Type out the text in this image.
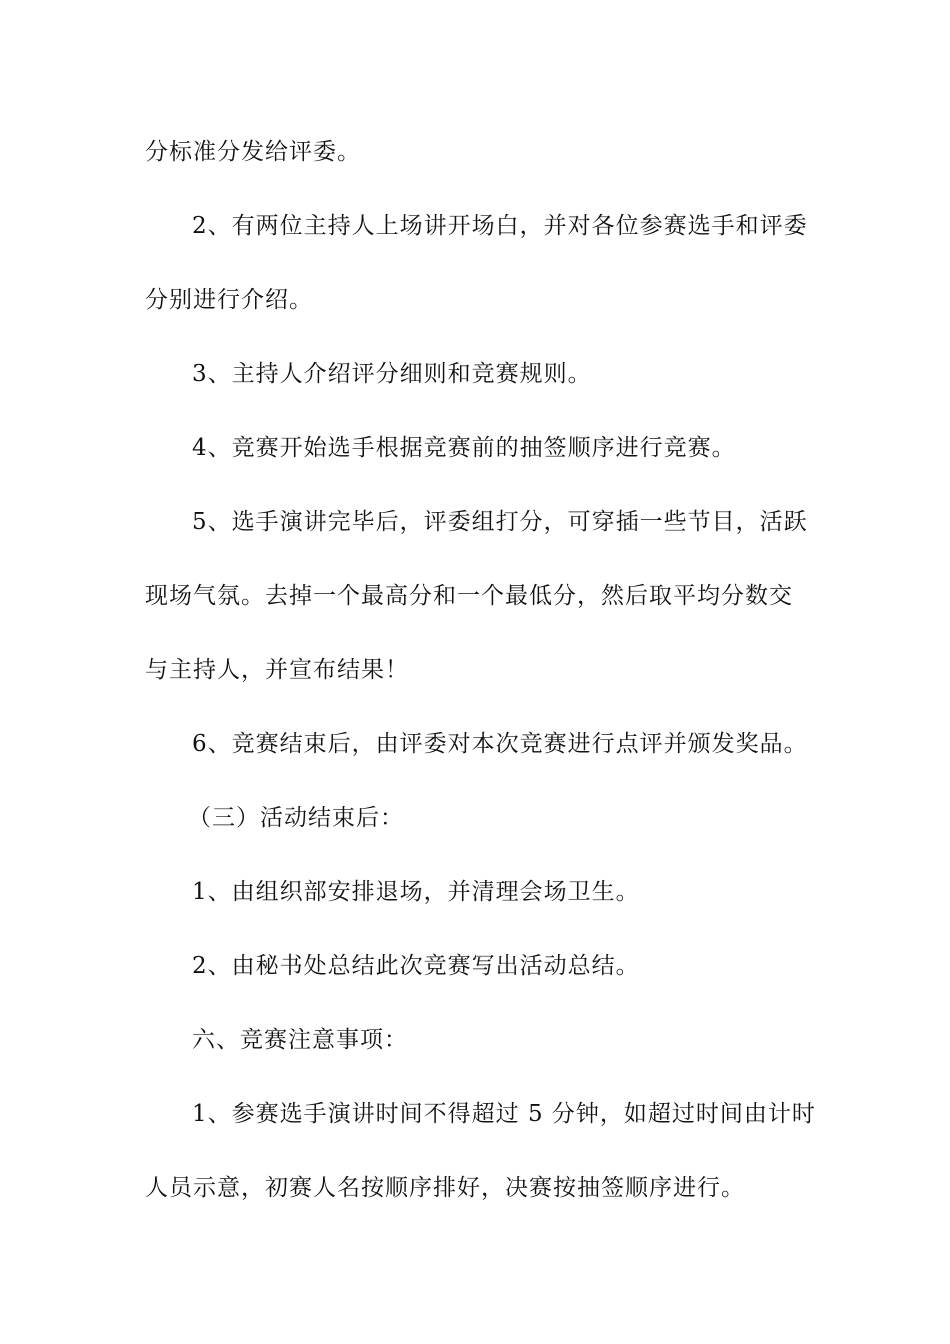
分标准分发给评委。
2、有两位主持人上场讲开场白，并对各位参赛选手和评委
分别进行介绍。
3、主持人介绍评分细则和竞赛规则。
4、竞赛开始选手根据竞赛前的抽签顺序进行竞赛。
5、选手演讲完毕后，评委组打分，可穿插一些节目，活跃
现场气氛。去掉一个最高分和一个最低分，然后取平均分数交
与主持人，并宣布结果！
6、竞赛结束后，由评委对本次竞赛进行点评并颁发奖品。
（三）活动结束后：
1、由组织部安排退场，并清理会场卫生。
2、由秘书处总结此次竞赛写出活动总结。
六、竞赛注意事项：
1、参赛选手演讲时间不得超过 5 分钟，如超过时间由计时
人员示意，初赛人名按顺序排好，决赛按抽签顺序进行。
